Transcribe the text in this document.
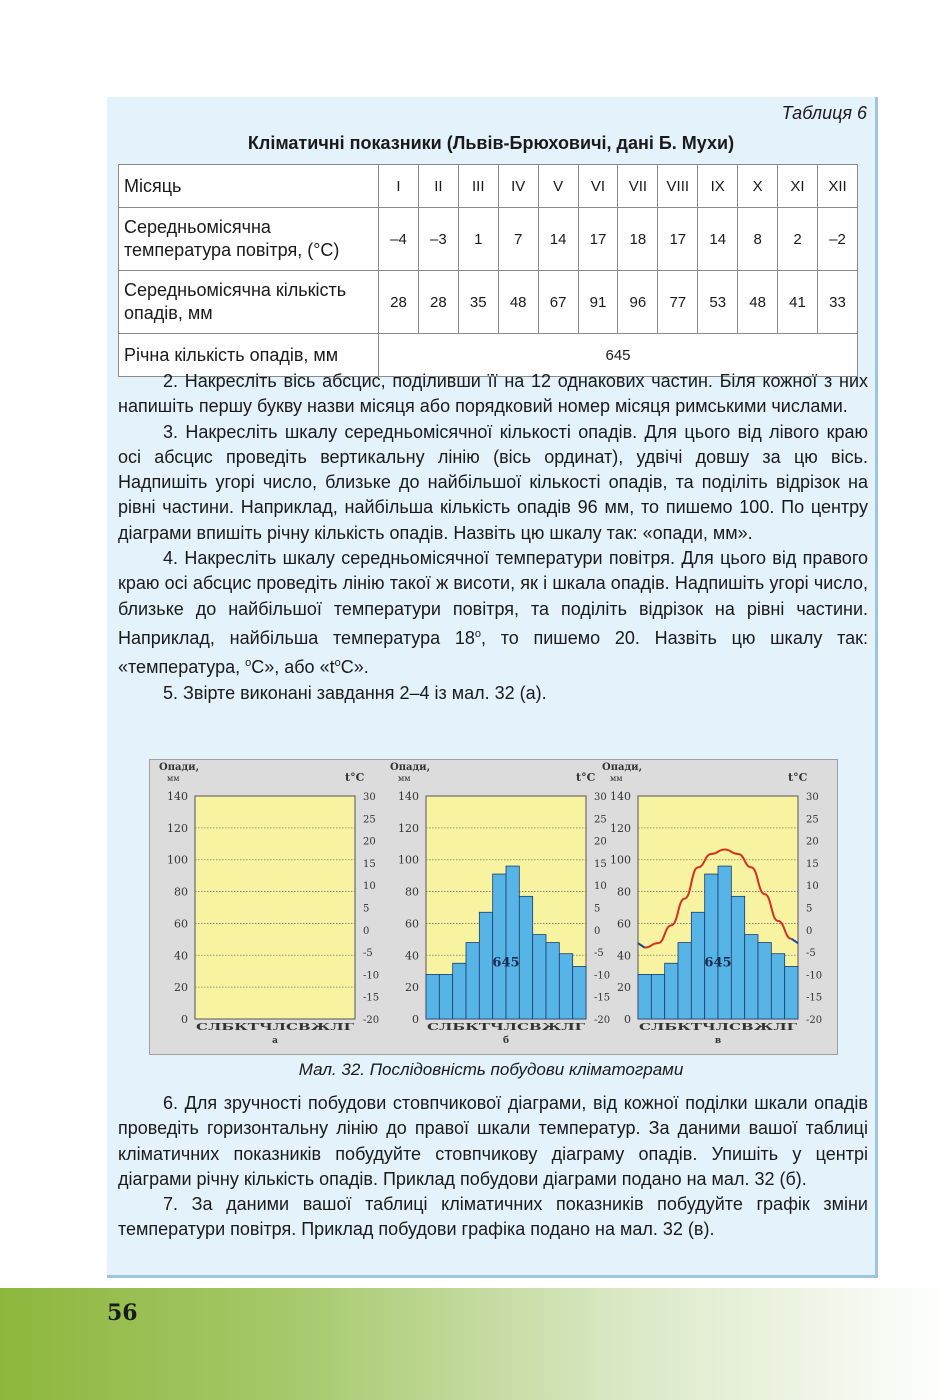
Таблиця 6
Кліматичні показники (Львів-Брюховичі, дані Б. Мухи)
Місяць	I	II	III	IV	V	VI	VII	VIII	IX	X	XI	XII
Середньомісячна температура повітря, (°С)	–4	–3	1	7	14	17	18	17	14	8	2	–2
Середньомісячна кількість опадів, мм	28	28	35	48	67	91	96	77	53	48	41	33
Річна кількість опадів, мм	645											

2. Накресліть вісь абсцис, поділивши її на 12 однакових частин. Біля кожної з них напишіть першу букву назви місяця або порядковий номер місяця римськими числами.

3. Накресліть шкалу середньомісячної кількості опадів. Для цього від лівого краю осі абсцис проведіть вертикальну лінію (вісь ординат), удвічі довшу за цю вісь. Надпишіть угорі число, близьке до найбільшої кількості опадів, та поділіть відрізок на рівні частини. Наприклад, найбільша кількість опадів 96 мм, то пишемо 100. По центру діаграми впишіть річну кількість опадів. Назвіть цю шкалу так: «опади, мм».

4. Накресліть шкалу середньомісячної температури повітря. Для цього від правого краю осі абсцис проведіть лінію такої ж висоти, як і шкала опадів. Надпишіть угорі число, близьке до найбільшої температури повітря, та поділіть відрізок на рівні частини. Наприклад, найбільша температура 18$^o$, то пишемо 20. Назвіть цю шкалу так: «температура, $^o$С», або «$t^oС$».

5. Звірте виконані завдання 2–4 із мал. 32 (а).

Опади,
мм	t°C
0
20
40
60
80
100
120
140
-20
-15
-10
-5
0
5
10
15
20
25
30
СЛБКТЧЛСВЖЛГ
а
Опади,
мм	t°C
0
20
40
60
80
100
120
140
-20
-15
-10
-5
0
5
10
15
20
25
30
СЛБКТЧЛСВЖЛГ
б
645
Опади,
мм	t°C
0
20
40
60
80
100
120
140
-20
-15
-10
-5
0
5
10
15
20
25
30
СЛБКТЧЛСВЖЛГ
в
645
Мал. 32. Послідовність побудови кліматограми

6. Для зручності побудови стовпчикової діаграми, від кожної поділки шкали опадів проведіть горизонтальну лінію до правої шкали температур. За даними вашої таблиці кліматичних показників побудуйте стовпчикову діаграму опадів. Упишіть у центрі діаграми річну кількість опадів. Приклад побудови діаграми подано на мал. 32 (б).

7. За даними вашої таблиці кліматичних показників побудуйте графік зміни температури повітря. Приклад побудови графіка подано на мал. 32 (в).

56
